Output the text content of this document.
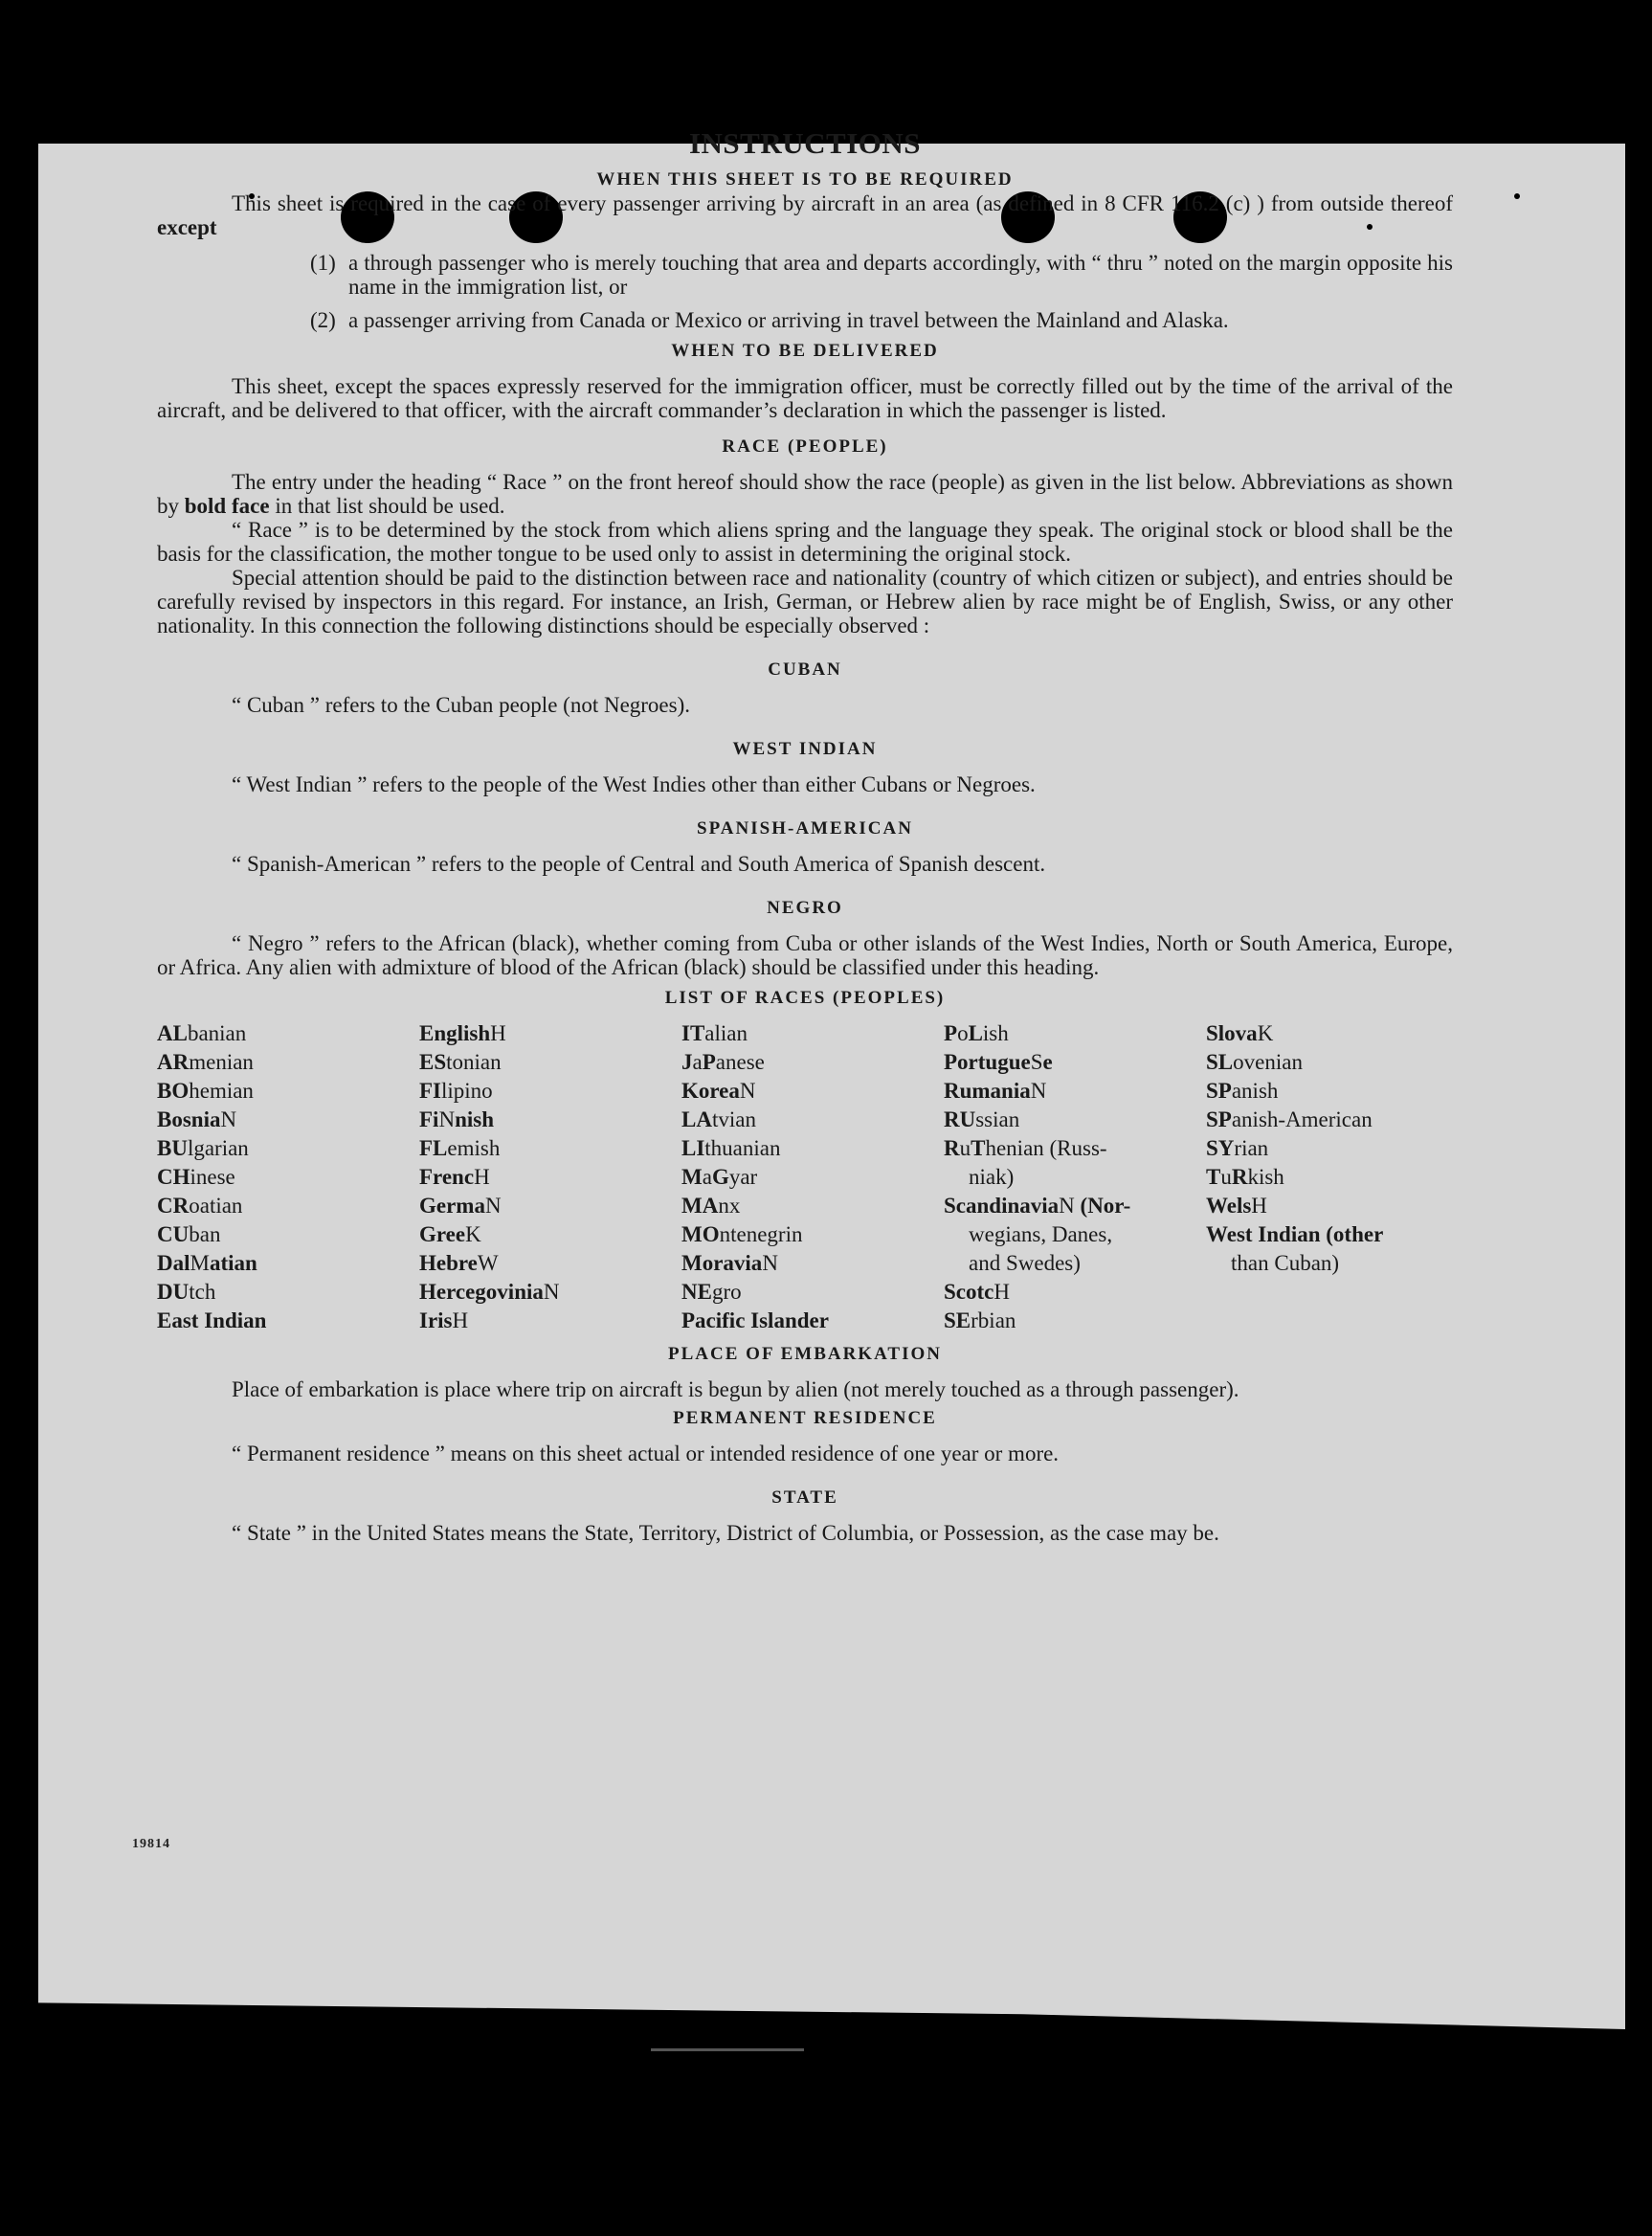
INSTRUCTIONS
WHEN THIS SHEET IS TO BE REQUIRED

This sheet is required in the case of every passenger arriving by aircraft in an area (as defined in 8 CFR 116.2 (c) ) from outside thereof except

(1) a through passenger who is merely touching that area and departs accordingly, with “ thru ” noted on the margin opposite his name in the immigration list, or
(2) a passenger arriving from Canada or Mexico or arriving in travel between the Mainland and Alaska.
WHEN TO BE DELIVERED

This sheet, except the spaces expressly reserved for the immigration officer, must be correctly filled out by the time of the arrival of the aircraft, and be delivered to that officer, with the aircraft commander’s declaration in which the passenger is listed.

RACE (PEOPLE)

The entry under the heading “ Race ” on the front hereof should show the race (people) as given in the list below. Abbreviations as shown by bold face in that list should be used.

“ Race ” is to be determined by the stock from which aliens spring and the language they speak. The original stock or blood shall be the basis for the classification, the mother tongue to be used only to assist in determining the original stock.

Special attention should be paid to the distinction between race and nationality (country of which citizen or subject), and entries should be carefully revised by inspectors in this regard. For instance, an Irish, German, or Hebrew alien by race might be of English, Swiss, or any other nationality. In this connection the following distinctions should be especially observed :

CUBAN

“ Cuban ” refers to the Cuban people (not Negroes).

WEST INDIAN

“ West Indian ” refers to the people of the West Indies other than either Cubans or Negroes.

SPANISH-AMERICAN

“ Spanish-American ” refers to the people of Central and South America of Spanish descent.

NEGRO

“ Negro ” refers to the African (black), whether coming from Cuba or other islands of the West Indies, North or South America, Europe, or Africa. Any alien with admixture of blood of the African (black) should be classified under this heading.

LIST OF RACES (PEOPLES)
ALbanian
ARmenian
BOhemian
BosniaN
BUlgarian
CHinese
CRoatian
CUban
DalMatian
DUtch
East Indian
EnglishH
EStonian
FIlipino
FiNnish
FLemish
FrencH
GermaN
GreeK
HebreW
HercegoviniaN
IrisH
ITalian
JaPanese
KoreaN
LAtvian
LIthuanian
MaGyar
MAnx
MOntenegrin
MoraviaN
NEgro
Pacific Islander
PoLish
PortugueSe
RumaniaN
RUssian
RuThenian (Russ-
niak)
ScandinaviaN (Nor-
wegians, Danes,
and Swedes)
ScotcH
SErbian
SlovaK
SLovenian
SPanish
SPanish-American
SYrian
TuRkish
WelsH
West Indian (other
than Cuban)
PLACE OF EMBARKATION

Place of embarkation is place where trip on aircraft is begun by alien (not merely touched as a through passenger).

PERMANENT RESIDENCE

“ Permanent residence ” means on this sheet actual or intended residence of one year or more.

STATE

“ State ” in the United States means the State, Territory, District of Columbia, or Possession, as the case may be.

19814
